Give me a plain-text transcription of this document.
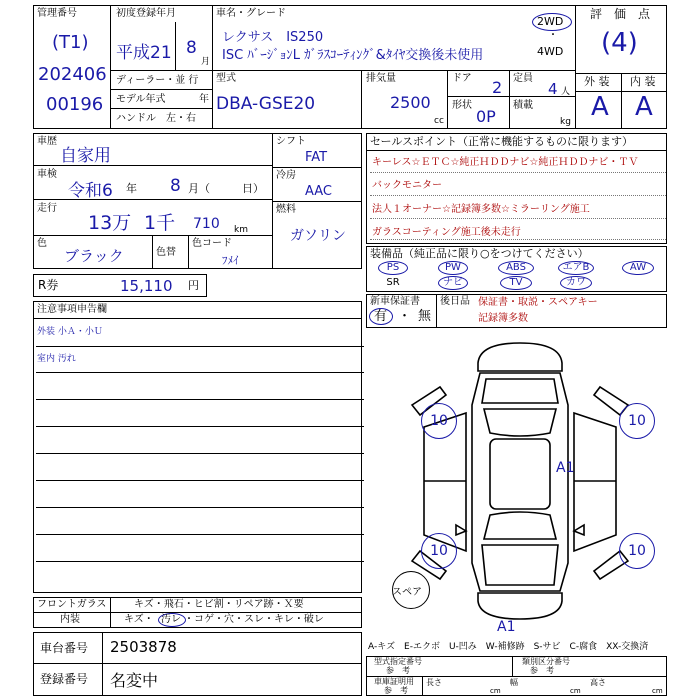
管理番号
(T1)
202406
00196
初度登録年月
平成21 8
月
車名・グレード
レクサス　IS250
ISC ﾊﾞｰｼﾞｮﾝL ｶﾞﾗｽｺｰﾃｨﾝｸﾞ&ﾀｲﾔ交換後未使用
2WD
・
4WD
評　価　点
(4)
外 装 内 装
A A
ディーラー・並 行
モデル年式	年
ハンドル　左・右
型式
DBA-GSE20
排気量
2500
cc
ドア 2
形状
0P
定員
4 人
積載
kg
車歴
自家用
車検
令和6 年 8 月（	日）
走行
13万 1千 710 km
色
ブラック	色替
色コード
ﾌﾒｲ
シフト
FAT
冷房
AAC
燃料
ガソリン
R券	15,110 円
セールスポイント（正常に機能するものに限ります）
キーレス☆ＥＴＣ☆純正ＨＤＤナビ☆純正ＨＤＤナビ・ＴＶ
バックモニター
法人１オーナー☆記録簿多数☆ミラーリング施工
ガラスコーティング施工後未走行
装備品（純正品に限り○をつけてください）
PS	PW	ABS	エアB	AW
SR	ナビ	TV	カワ
新車保証書
有 ・ 無
後日品 保証書・取説・スペアキー
記録簿多数
注意事項申告欄
外装 小Ａ・小Ｕ
室内 汚れ
10	10
10	10
A1
A1
スペア
フロントガラス	キズ・飛石・ヒビ割・リペア跡・Ｘ要
内装	キズ・ 汚レ ・コゲ・穴・スレ・キレ・破レ
車台番号 2503878
登録番号 名変中
A-キズ　E-エクボ　U-凹み　W-補修跡　S-サビ　C-腐食　XX-交換済
型式指定番号
参　考
類別区分番号
参　考
車庫証明用
参　考
長さ
cm
幅
cm
高さ
cm
